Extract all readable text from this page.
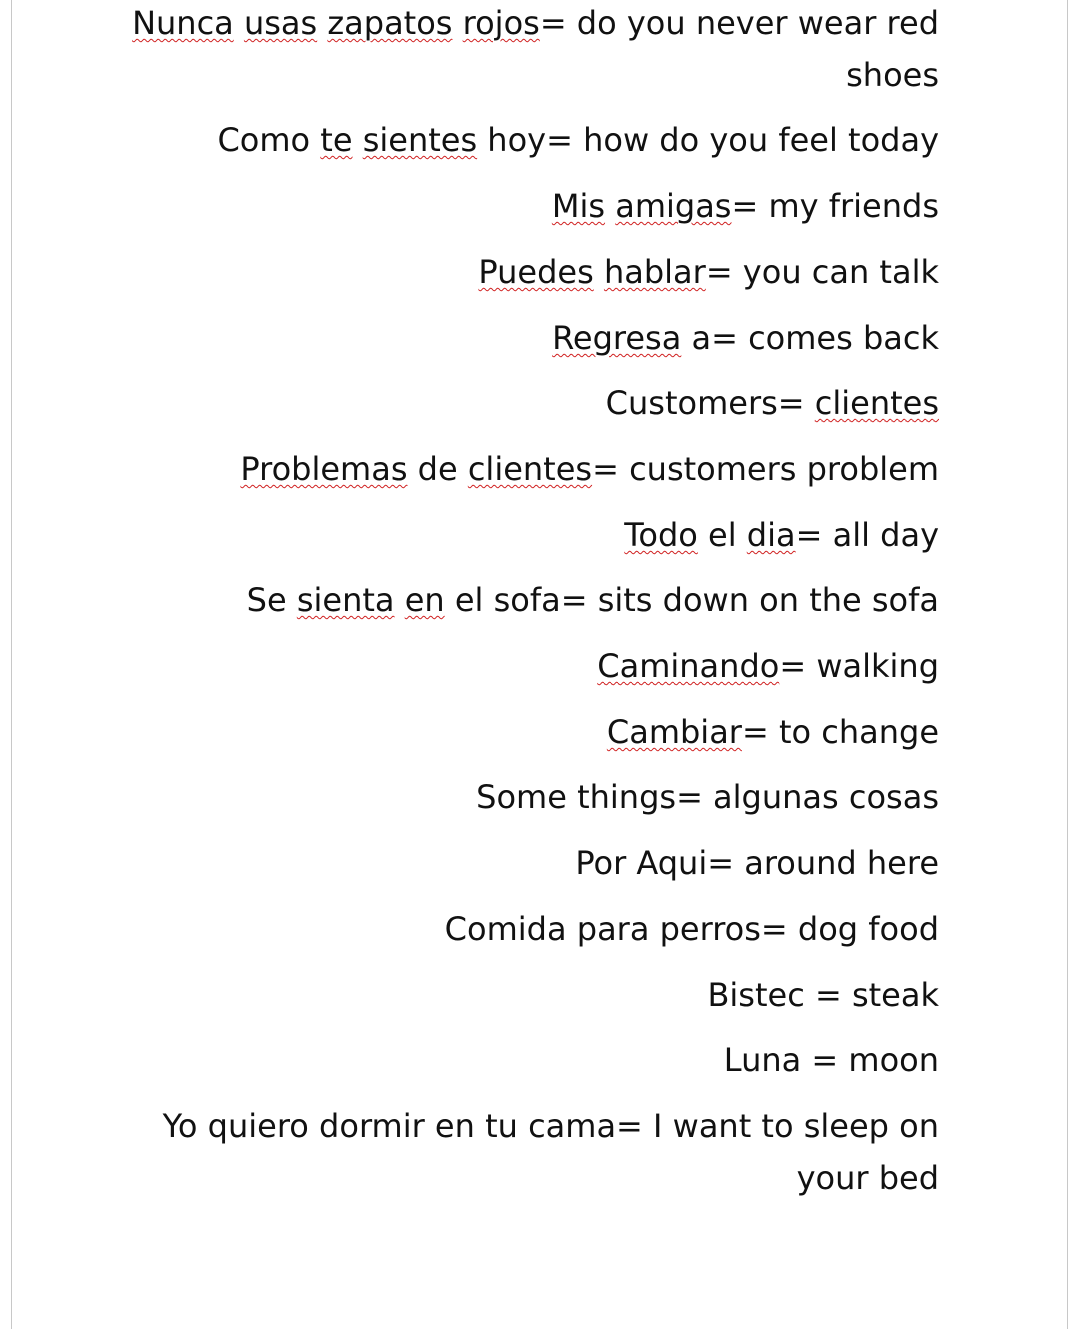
Nunca usas zapatos rojos= do you never wear red

shoes

Como te sientes hoy= how do you feel today

Mis amigas= my friends

Puedes hablar= you can talk

Regresa a= comes back

Customers= clientes

Problemas de clientes= customers problem

Todo el dia= all day

Se sienta en el sofa= sits down on the sofa

Caminando= walking

Cambiar= to change

Some things= algunas cosas

Por Aqui= around here

Comida para perros= dog food

Bistec = steak

Luna = moon

Yo quiero dormir en tu cama= I want to sleep on

your bed
